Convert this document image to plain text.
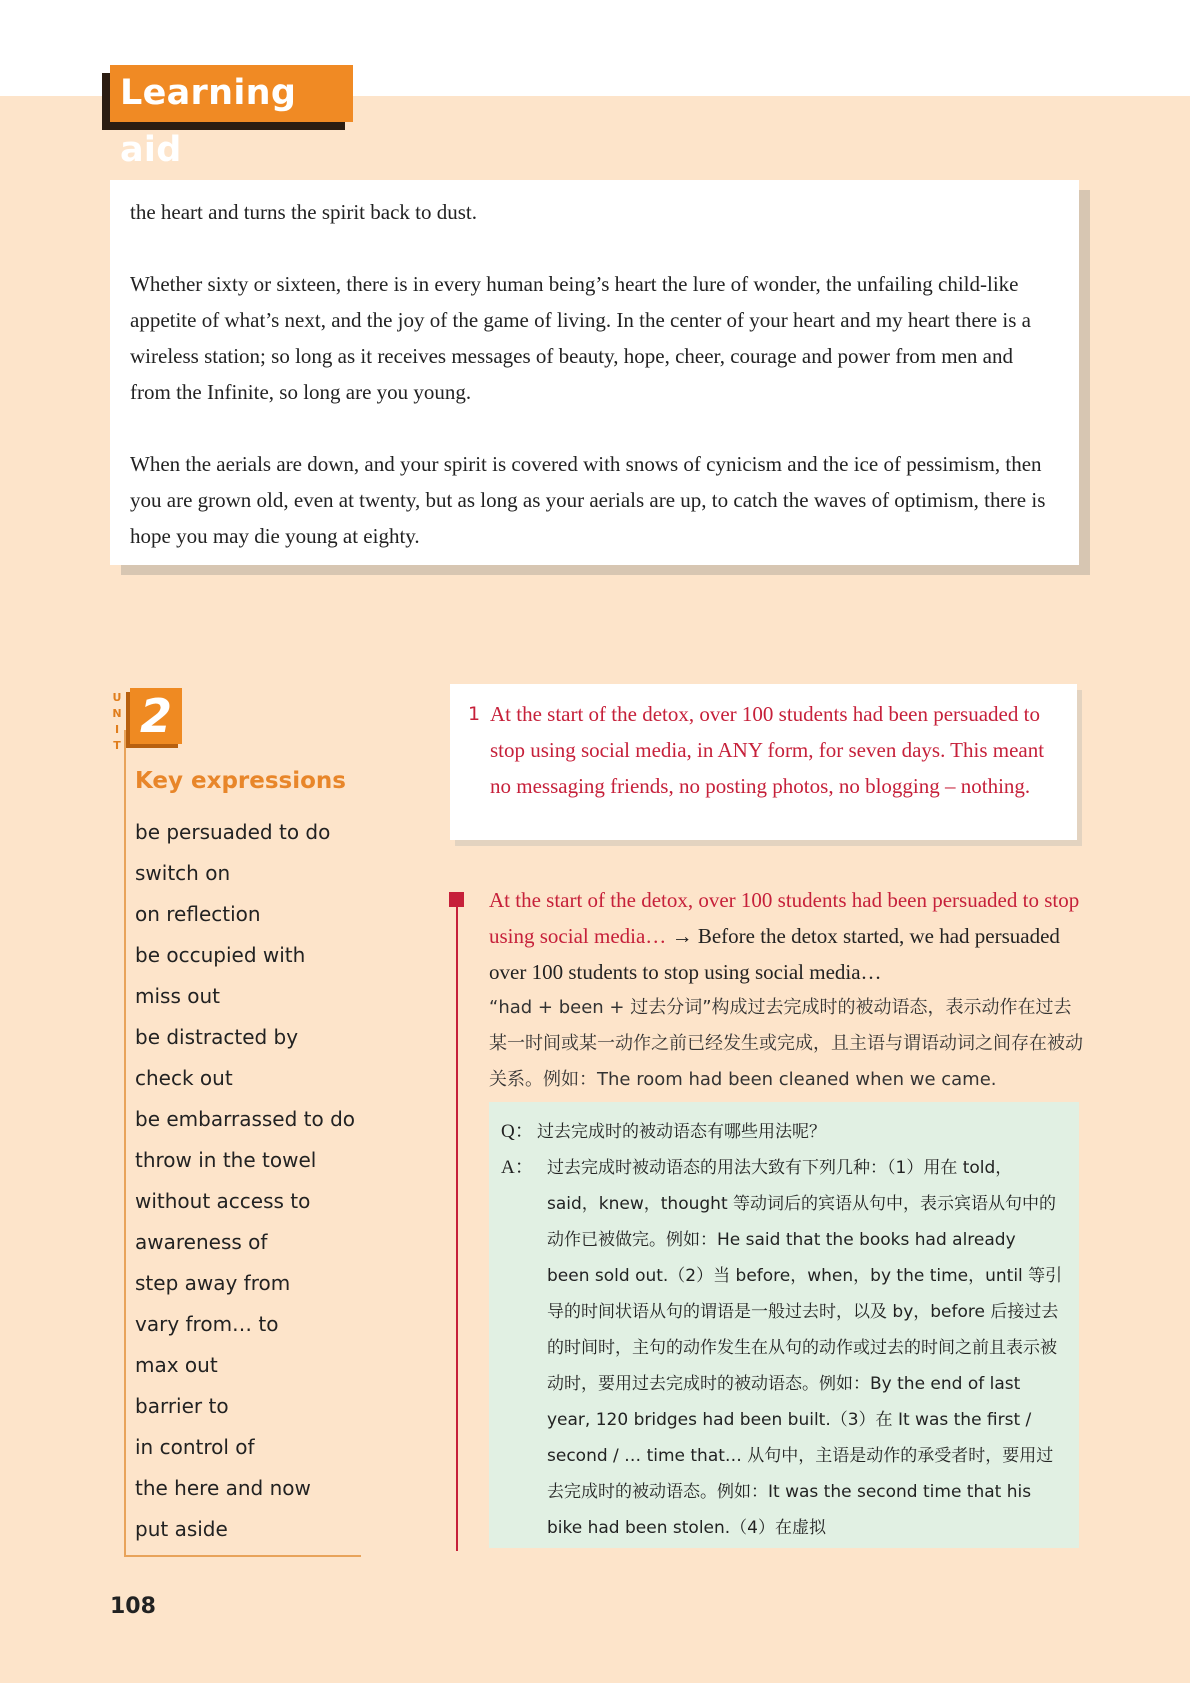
Learning aid

the heart and turns the spirit back to dust.

Whether sixty or sixteen, there is in every human being’s heart the lure of wonder, the unfailing child-like appetite of what’s next, and the joy of the game of living. In the center of your heart and my heart there is a wireless station; so long as it receives messages of beauty, hope, cheer, courage and power from men and from the Infinite, so long are you young.

When the aerials are down, and your spirit is covered with snows of cynicism and the ice of pessimism, then you are grown old, even at twenty, but as long as your aerials are up, to catch the waves of optimism, there is hope you may die young at eighty.

U
N
I
T
2
Key expressions
be persuaded to do
switch on
on reflection
be occupied with
miss out
be distracted by
check out
be embarrassed to do
throw in the towel
without access to
awareness of
step away from
vary from… to
max out
barrier to
in control of
the here and now
put aside
1 At the start of the detox, over 100 students had been persuaded to stop using social media, in ANY form, for seven days. This meant no messaging friends, no posting photos, no blogging – nothing.
At the start of the detox, over 100 students had been persuaded to stop using social media… → Before the detox started, we had persuaded over 100 students to stop using social media…
“had + been + 过去分词”构成过去完成时的被动语态，表示动作在过去某一时间或某一动作之前已经发生或完成，且主语与谓语动词之间存在被动关系。例如：The room had been cleaned when we came.
Q： 过去完成时的被动语态有哪些用法呢？
A： 过去完成时被动语态的用法大致有下列几种：（1）用在 told，said，knew，thought 等动词后的宾语从句中，表示宾语从句中的动作已被做完。例如：He said that the books had already been sold out.（2）当 before，when，by the time，until 等引导的时间状语从句的谓语是一般过去时，以及 by，before 后接过去的时间时，主句的动作发生在从句的动作或过去的时间之前且表示被动时，要用过去完成时的被动语态。例如：By the end of last year, 120 bridges had been built.（3）在 It was the first / second / … time that… 从句中，主语是动作的承受者时，要用过去完成时的被动语态。例如：It was the second time that his bike had been stolen.（4）在虚拟
108
